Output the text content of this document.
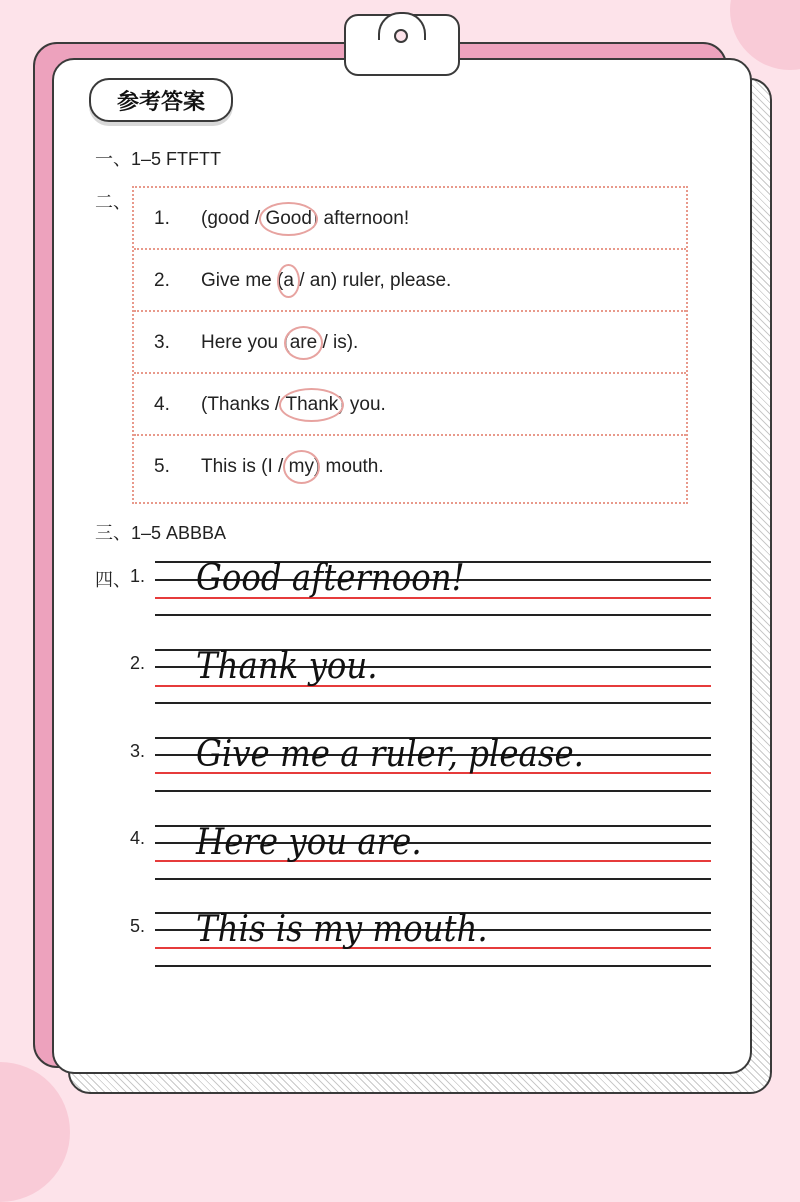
参考答案
一、1–5 FTFTT
二、
1. (good / Good) afternoon!
2. Give me (a / an) ruler, please.
3. Here you (are / is).
4. (Thanks / Thank) you.
5. This is (I / my) mouth.
三、1–5 ABBBA
四、 1. Good afternoon!
2. Thank you.
3. Give me a ruler, please.
4. Here you are.
5. This is my mouth.
